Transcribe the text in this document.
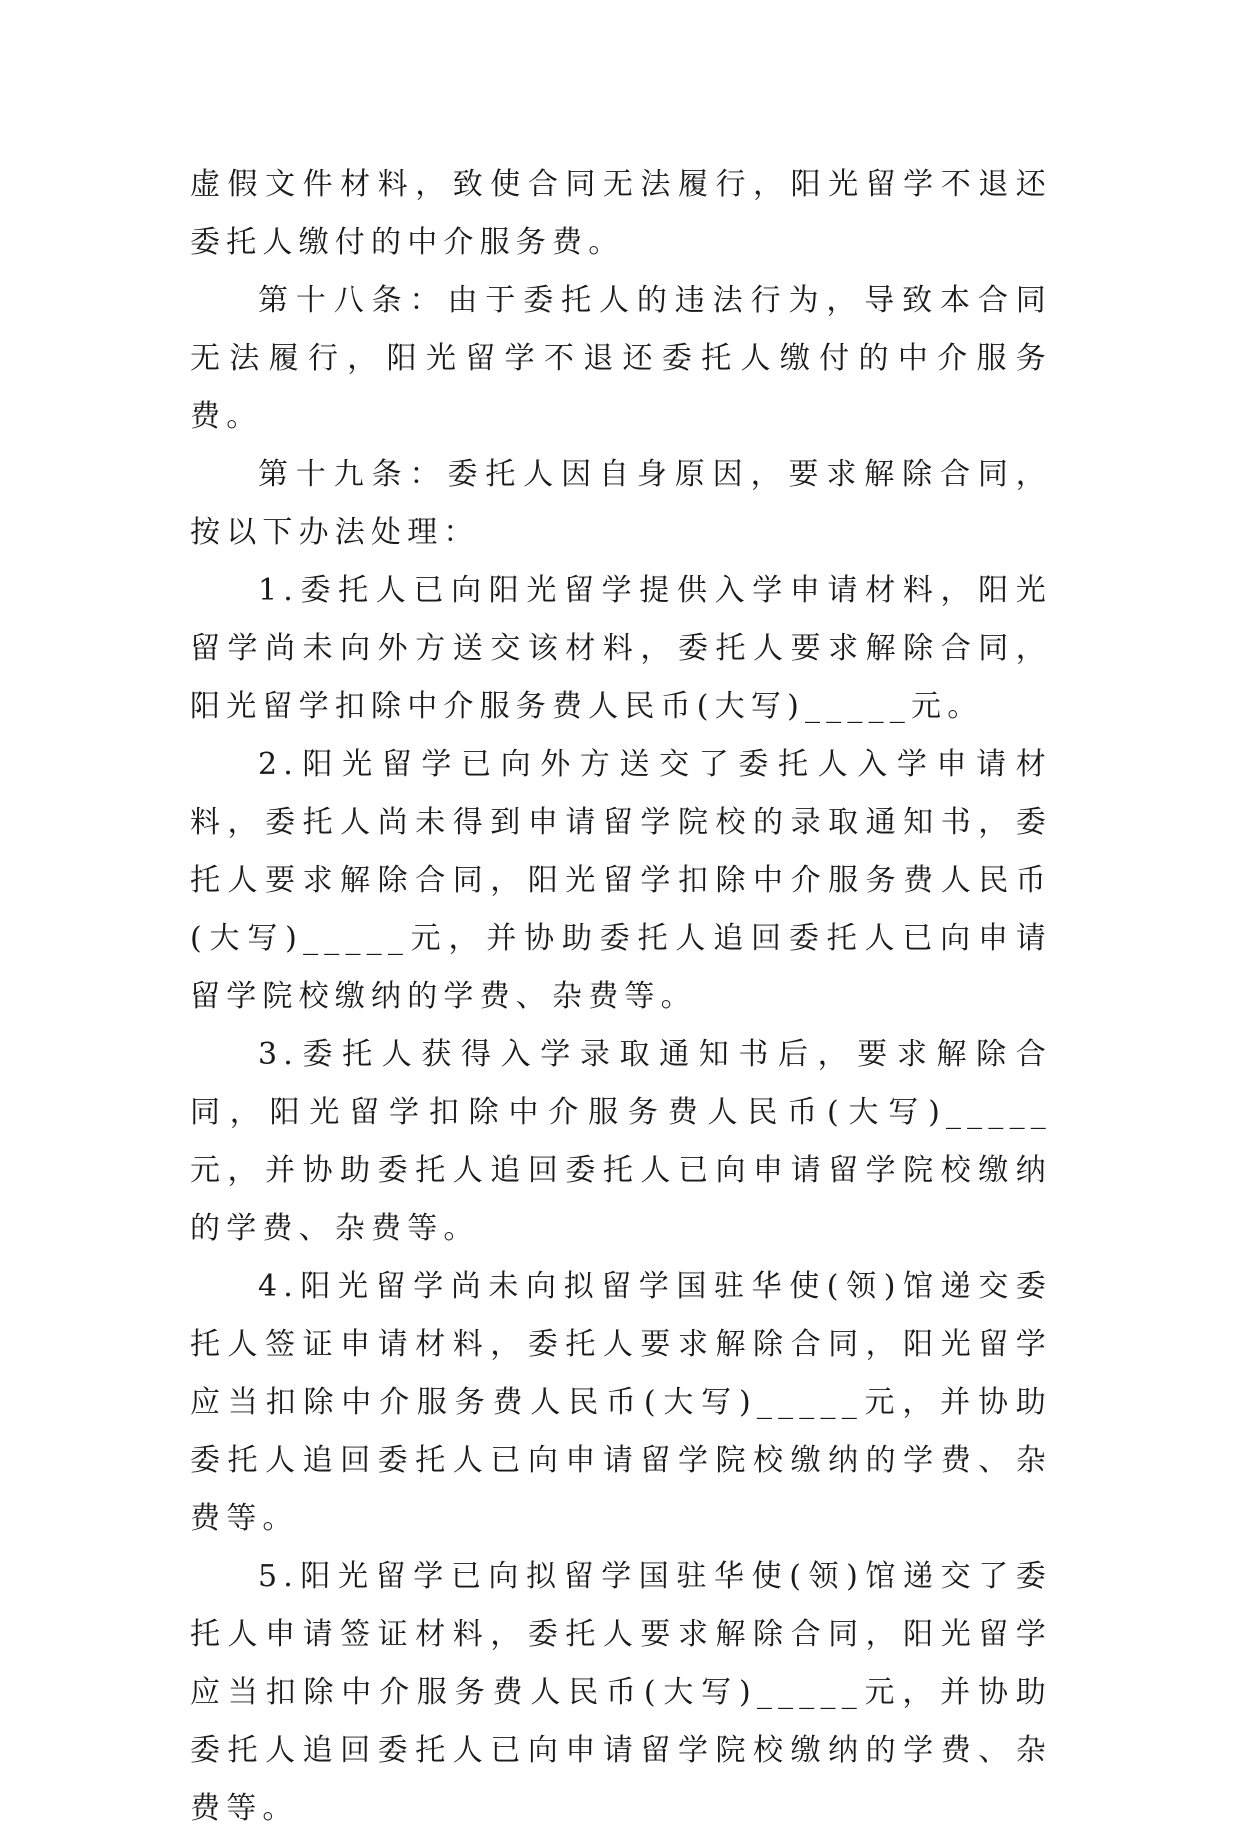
虚假文件材料，致使合同无法履行，阳光留学不退还委托人缴付的中介服务费。

第十八条：由于委托人的违法行为，导致本合同无法履行，阳光留学不退还委托人缴付的中介服务费。

第十九条：委托人因自身原因，要求解除合同，按以下办法处理：

1.委托人已向阳光留学提供入学申请材料，阳光留学尚未向外方送交该材料，委托人要求解除合同，阳光留学扣除中介服务费人民币(大写)_____元。

2.阳光留学已向外方送交了委托人入学申请材料，委托人尚未得到申请留学院校的录取通知书，委托人要求解除合同，阳光留学扣除中介服务费人民币(大写)_____元，并协助委托人追回委托人已向申请留学院校缴纳的学费、杂费等。

3.委托人获得入学录取通知书后，要求解除合同，阳光留学扣除中介服务费人民币(大写)_____元，并协助委托人追回委托人已向申请留学院校缴纳的学费、杂费等。

4.阳光留学尚未向拟留学国驻华使(领)馆递交委托人签证申请材料，委托人要求解除合同，阳光留学应当扣除中介服务费人民币(大写)_____元，并协助委托人追回委托人已向申请留学院校缴纳的学费、杂费等。

5.阳光留学已向拟留学国驻华使(领)馆递交了委托人申请签证材料，委托人要求解除合同，阳光留学应当扣除中介服务费人民币(大写)_____元，并协助委托人追回委托人已向申请留学院校缴纳的学费、杂费等。
